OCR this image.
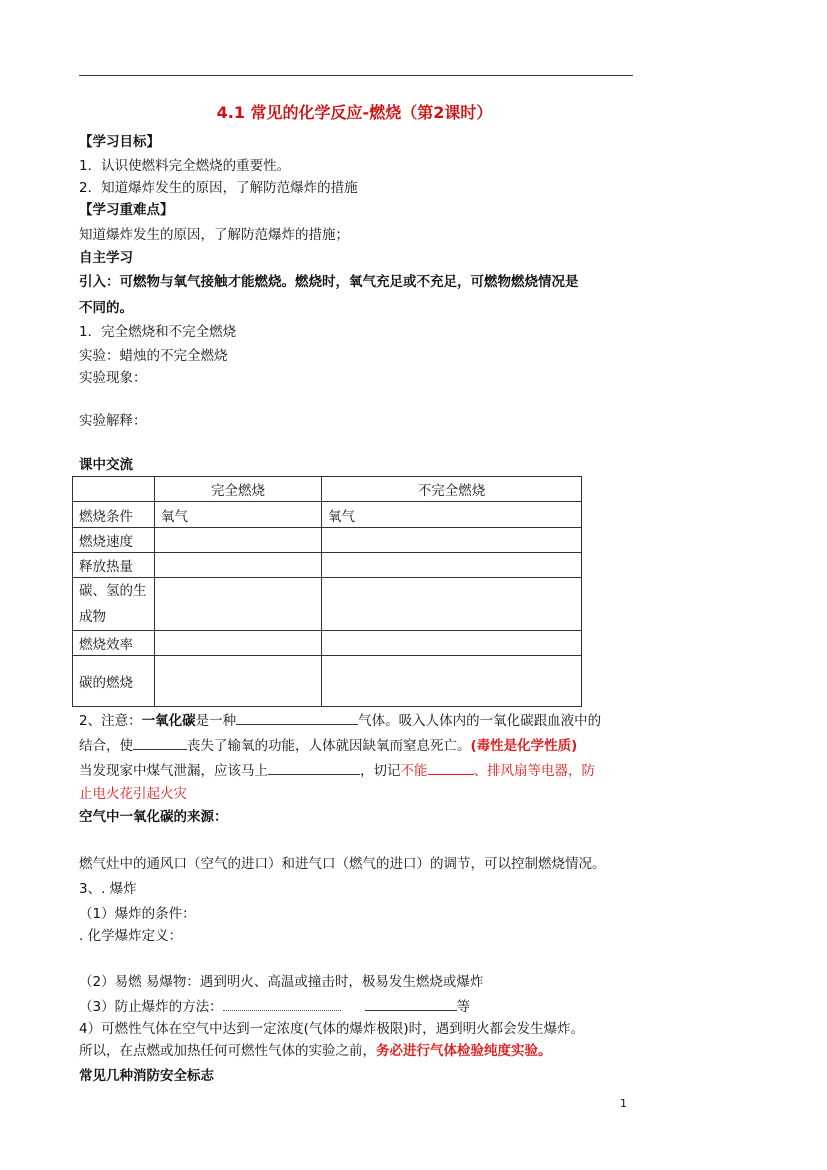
4.1 常见的化学反应-燃烧（第2课时）
【学习目标】
1．认识使燃料完全燃烧的重要性。
2．知道爆炸发生的原因，了解防范爆炸的措施
【学习重难点】
知道爆炸发生的原因，了解防范爆炸的措施；
自主学习
引入：可燃物与氧气接触才能燃烧。燃烧时，氧气充足或不充足，可燃物燃烧情况是
不同的。
1．完全燃烧和不完全燃烧
实验：蜡烛的不完全燃烧
实验现象：
实验解释：
课中交流
	完全燃烧	不完全燃烧
燃烧条件	氧气	氧气
燃烧速度		
释放热量		
碳、氢的生
成物		
燃烧效率		
碳的燃烧		
2、注意：一氧化碳是一种	气体。吸入人体内的一氧化碳跟血液中的
结合，使	丧失了输氧的功能，人体就因缺氧而窒息死亡。(毒性是化学性质)
当发现家中煤气泄漏，应该马上	，切记不能	、排风扇等电器，防
止电火花引起火灾
空气中一氧化碳的来源：
燃气灶中的通风口（空气的进口）和进气口（燃气的进口）的调节，可以控制燃烧情况。
3、. 爆炸
（1）爆炸的条件：
. 化学爆炸定义：
（2）易燃 易爆物：遇到明火、高温或撞击时，极易发生燃烧或爆炸
（3）防止爆炸的方法：	等
4）可燃性气体在空气中达到一定浓度(气体的爆炸极限)时，遇到明火都会发生爆炸。
所以，在点燃或加热任何可燃性气体的实验之前，务必进行气体检验纯度实验。
常见几种消防安全标志
1
